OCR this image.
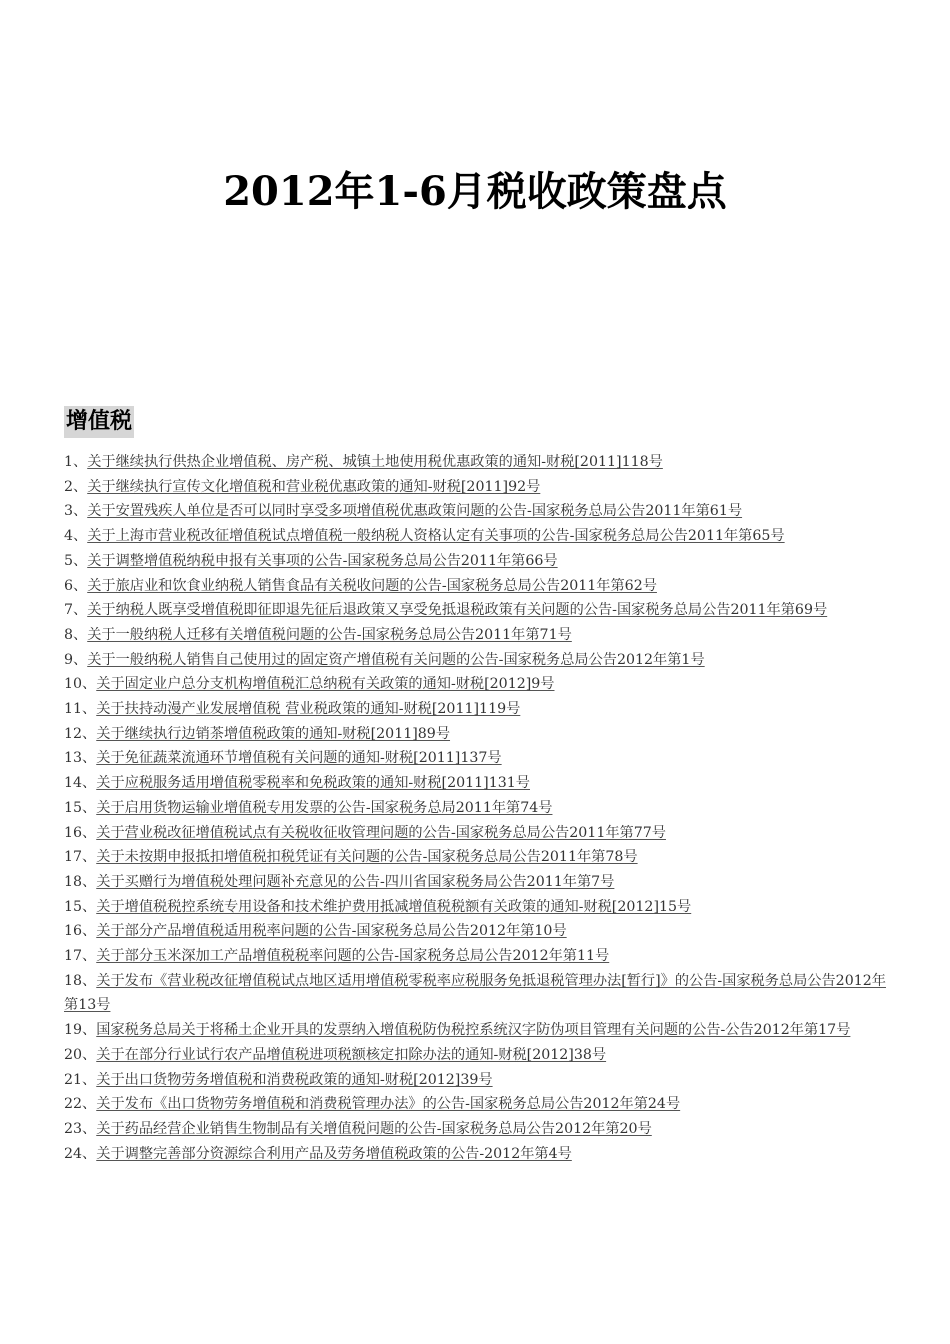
2012年1-6月税收政策盘点
增值税
1、关于继续执行供热企业增值税、房产税、城镇土地使用税优惠政策的通知-财税[2011]118号
2、关于继续执行宣传文化增值税和营业税优惠政策的通知-财税[2011]92号
3、关于安置残疾人单位是否可以同时享受多项增值税优惠政策问题的公告-国家税务总局公告2011年第61号
4、关于上海市营业税改征增值税试点增值税一般纳税人资格认定有关事项的公告-国家税务总局公告2011年第65号
5、关于调整增值税纳税申报有关事项的公告-国家税务总局公告2011年第66号
6、关于旅店业和饮食业纳税人销售食品有关税收问题的公告-国家税务总局公告2011年第62号
7、关于纳税人既享受增值税即征即退先征后退政策又享受免抵退税政策有关问题的公告-国家税务总局公告2011年第69号
8、关于一般纳税人迁移有关增值税问题的公告-国家税务总局公告2011年第71号
9、关于一般纳税人销售自己使用过的固定资产增值税有关问题的公告-国家税务总局公告2012年第1号
10、关于固定业户总分支机构增值税汇总纳税有关政策的通知-财税[2012]9号
11、关于扶持动漫产业发展增值税 营业税政策的通知-财税[2011]119号
12、关于继续执行边销茶增值税政策的通知-财税[2011]89号
13、关于免征蔬菜流通环节增值税有关问题的通知-财税[2011]137号
14、关于应税服务适用增值税零税率和免税政策的通知-财税[2011]131号
15、关于启用货物运输业增值税专用发票的公告-国家税务总局2011年第74号
16、关于营业税改征增值税试点有关税收征收管理问题的公告-国家税务总局公告2011年第77号
17、关于未按期申报抵扣增值税扣税凭证有关问题的公告-国家税务总局公告2011年第78号
18、关于买赠行为增值税处理问题补充意见的公告-四川省国家税务局公告2011年第7号
15、关于增值税税控系统专用设备和技术维护费用抵减增值税税额有关政策的通知-财税[2012]15号
16、关于部分产品增值税适用税率问题的公告-国家税务总局公告2012年第10号
17、关于部分玉米深加工产品增值税税率问题的公告-国家税务总局公告2012年第11号
18、关于发布《营业税改征增值税试点地区适用增值税零税率应税服务免抵退税管理办法[暂行]》的公告-国家税务总局公告2012年第13号
19、国家税务总局关于将稀土企业开具的发票纳入增值税防伪税控系统汉字防伪项目管理有关问题的公告-公告2012年第17号
20、关于在部分行业试行农产品增值税进项税额核定扣除办法的通知-财税[2012]38号
21、关于出口货物劳务增值税和消费税政策的通知-财税[2012]39号
22、关于发布《出口货物劳务增值税和消费税管理办法》的公告-国家税务总局公告2012年第24号
23、关于药品经营企业销售生物制品有关增值税问题的公告-国家税务总局公告2012年第20号
24、关于调整完善部分资源综合利用产品及劳务增值税政策的公告-2012年第4号
